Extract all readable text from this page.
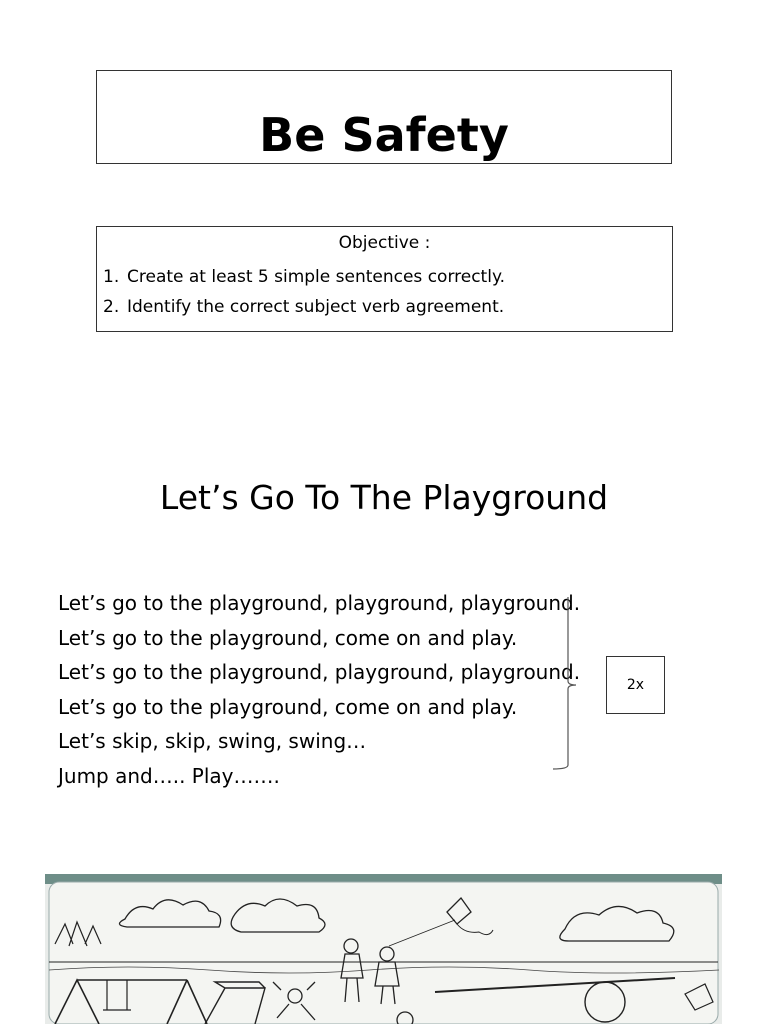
Be Safety
Objective :
1. Create at least 5 simple sentences correctly.
2. Identify the correct subject verb agreement.
Let’s Go To The Playground
Let’s go to the playground, playground, playground.
Let’s go to the playground, come on and play.
Let’s go to the playground, playground, playground.
Let’s go to the playground, come on and play.
Let’s skip, skip, swing, swing…
Jump and….. Play…….
2x
